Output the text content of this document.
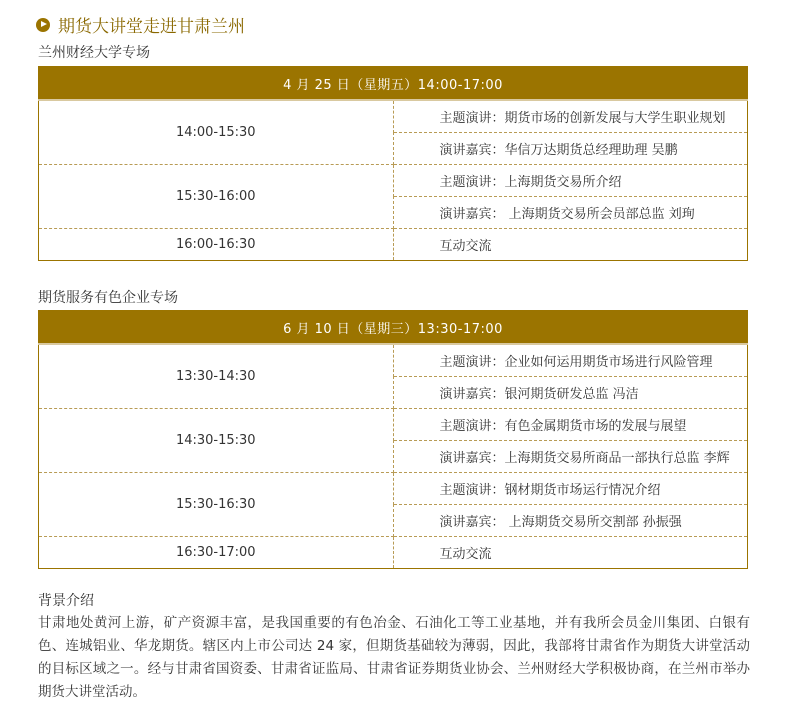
期货大讲堂走进甘肃兰州
兰州财经大学专场
4 月 25 日（星期五）14:00-17:00	
14:00-15:30	主题演讲：期货市场的创新发展与大学生职业规划
	演讲嘉宾：华信万达期货总经理助理 吴鹏
15:30-16:00	主题演讲：上海期货交易所介绍
	演讲嘉宾： 上海期货交易所会员部总监 刘珣
16:00-16:30	互动交流
期货服务有色企业专场
6 月 10 日（星期三）13:30-17:00	
13:30-14:30	主题演讲：企业如何运用期货市场进行风险管理
	演讲嘉宾：银河期货研发总监 冯洁
14:30-15:30	主题演讲：有色金属期货市场的发展与展望
	演讲嘉宾：上海期货交易所商品一部执行总监 李辉
15:30-16:30	主题演讲：钢材期货市场运行情况介绍
	演讲嘉宾： 上海期货交易所交割部 孙振强
16:30-17:00	互动交流
背景介绍
甘肃地处黄河上游，矿产资源丰富，是我国重要的有色冶金、石油化工等工业基地，并有我所会员金川集团、白银有色、连城铝业、华龙期货。辖区内上市公司达 24 家，但期货基础较为薄弱，因此，我部将甘肃省作为期货大讲堂活动的目标区域之一。经与甘肃省国资委、甘肃省证监局、甘肃省证券期货业协会、兰州财经大学积极协商，在兰州市举办期货大讲堂活动。
